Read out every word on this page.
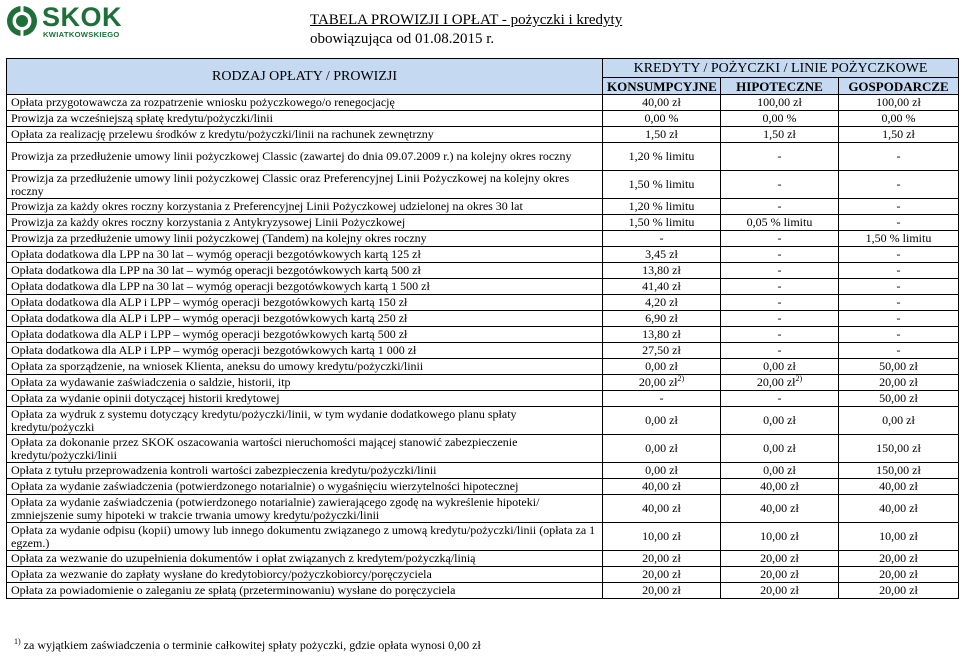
SKOK
KWIATKOWSKIEGO
TABELA PROWIZJI I OPŁAT - pożyczki i kredyty
obowiązująca od 01.08.2015 r.
RODZAJ OPŁATY / PROWIZJI	KREDYTY / POŻYCZKI / LINIE POŻYCZKOWE		
	KONSUMPCYJNE	HIPOTECZNE	GOSPODARCZE
Opłata przygotowawcza za rozpatrzenie wniosku pożyczkowego/o renegocjację	40,00 zł	100,00 zł	100,00 zł
Prowizja za wcześniejszą spłatę kredytu/pożyczki/linii	0,00 %	0,00 %	0,00 %
Opłata za realizację przelewu środków z kredytu/pożyczki/linii na rachunek zewnętrzny	1,50 zł	1,50 zł	1,50 zł
Prowizja za przedłużenie umowy linii pożyczkowej Classic (zawartej do dnia 09.07.2009 r.) na kolejny okres roczny	1,20 % limitu	-	-
Prowizja za przedłużenie umowy linii pożyczkowej Classic oraz Preferencyjnej Linii Pożyczkowej na kolejny okres roczny	1,50 % limitu	-	-
Prowizja za każdy okres roczny korzystania z Preferencyjnej Linii Pożyczkowej udzielonej na okres 30 lat	1,20 % limitu	-	-
Prowizja za każdy okres roczny korzystania z Antykryzysowej Linii Pożyczkowej	1,50 % limitu	0,05 % limitu	-
Prowizja za przedłużenie umowy linii pożyczkowej (Tandem) na kolejny okres roczny	-	-	1,50 % limitu
Opłata dodatkowa dla LPP na 30 lat – wymóg operacji bezgotówkowych kartą 125 zł	3,45 zł	-	-
Opłata dodatkowa dla LPP na 30 lat – wymóg operacji bezgotówkowych kartą 500 zł	13,80 zł	-	-
Opłata dodatkowa dla LPP na 30 lat – wymóg operacji bezgotówkowych kartą 1 500 zł	41,40 zł	-	-
Opłata dodatkowa dla ALP i LPP – wymóg operacji bezgotówkowych kartą 150 zł	4,20 zł	-	-
Opłata dodatkowa dla ALP i LPP – wymóg operacji bezgotówkowych kartą 250 zł	6,90 zł	-	-
Opłata dodatkowa dla ALP i LPP – wymóg operacji bezgotówkowych kartą 500 zł	13,80 zł	-	-
Opłata dodatkowa dla ALP i LPP – wymóg operacji bezgotówkowych kartą 1 000 zł	27,50 zł	-	-
Opłata za sporządzenie, na wniosek Klienta, aneksu do umowy kredytu/pożyczki/linii	0,00 zł	0,00 zł	50,00 zł
Opłata za wydawanie zaświadczenia o saldzie, historii, itp	20,00 $zł^{2)}$	20,00 $zł^{2)}$	20,00 zł
Opłata za wydanie opinii dotyczącej historii kredytowej	-	-	50,00 zł
Opłata za wydruk z systemu dotyczący kredytu/pożyczki/linii, w tym wydanie dodatkowego planu spłaty kredytu/pożyczki	0,00 zł	0,00 zł	0,00 zł
Opłata za dokonanie przez SKOK oszacowania wartości nieruchomości mającej stanowić zabezpieczenie kredytu/pożyczki/linii	0,00 zł	0,00 zł	150,00 zł
Opłata z tytułu przeprowadzenia kontroli wartości zabezpieczenia kredytu/pożyczki/linii	0,00 zł	0,00 zł	150,00 zł
Opłata za wydanie zaświadczenia (potwierdzonego notarialnie) o wygaśnięciu wierzytelności hipotecznej	40,00 zł	40,00 zł	40,00 zł
Opłata za wydanie zaświadczenia (potwierdzonego notarialnie) zawierającego zgodę na wykreślenie hipoteki/ zmniejszenie sumy hipoteki w trakcie trwania umowy kredytu/pożyczki/linii	40,00 zł	40,00 zł	40,00 zł
Opłata za wydanie odpisu (kopii) umowy lub innego dokumentu związanego z umową kredytu/pożyczki/linii (opłata za 1 egzem.)	10,00 zł	10,00 zł	10,00 zł
Opłata za wezwanie do uzupełnienia dokumentów i opłat związanych z kredytem/pożyczką/linią	20,00 zł	20,00 zł	20,00 zł
Opłata za wezwanie do zapłaty wysłane do kredytobiorcy/pożyczkobiorcy/poręczyciela	20,00 zł	20,00 zł	20,00 zł
Opłata za powiadomienie o zaleganiu ze spłatą (przeterminowaniu) wysłane do poręczyciela	20,00 zł	20,00 zł	20,00 zł
$^{1)}$ za wyjątkiem zaświadczenia o terminie całkowitej spłaty pożyczki, gdzie opłata wynosi 0,00 zł
